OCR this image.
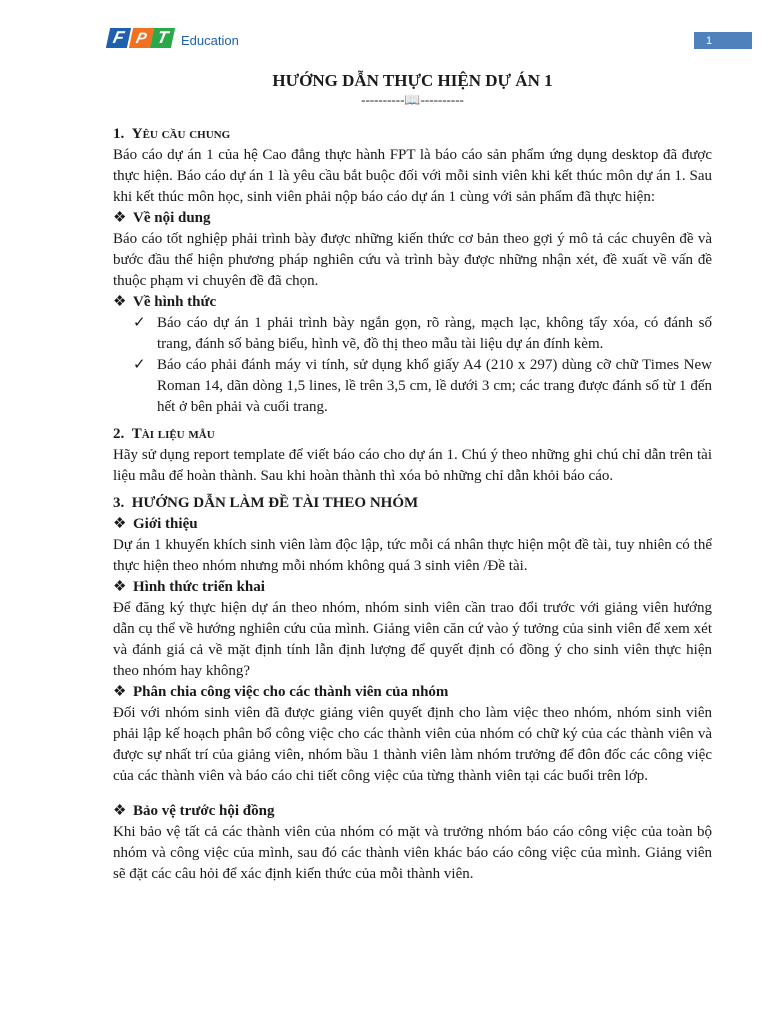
F P T Education	1
HƯỚNG DẪN THỰC HIỆN DỰ ÁN 1
----------📖----------

1. Yêu cầu chung

Báo cáo dự án 1 của hệ Cao đẳng thực hành FPT là báo cáo sản phẩm ứng dụng desktop đã được thực hiện. Báo cáo dự án 1 là yêu cầu bắt buộc đối với mỗi sinh viên khi kết thúc môn dự án 1. Sau khi kết thúc môn học, sinh viên phải nộp báo cáo dự án 1 cùng với sản phẩm đã thực hiện:

❖ Về nội dung

Báo cáo tốt nghiệp phải trình bày được những kiến thức cơ bản theo gợi ý mô tả các chuyên đề và bước đầu thể hiện phương pháp nghiên cứu và trình bày được những nhận xét, đề xuất về vấn đề thuộc phạm vi chuyên đề đã chọn.

❖ Về hình thức

✓ Báo cáo dự án 1 phải trình bày ngắn gọn, rõ ràng, mạch lạc, không tẩy xóa, có đánh số trang, đánh số bảng biểu, hình vẽ, đồ thị theo mẫu tài liệu dự án đính kèm.
✓ Báo cáo phải đánh máy vi tính, sử dụng khổ giấy A4 (210 x 297) dùng cỡ chữ Times New Roman 14, dãn dòng 1,5 lines, lề trên 3,5 cm, lề dưới 3 cm; các trang được đánh số từ 1 đến hết ở bên phải và cuối trang.

2. Tài liệu mẫu

Hãy sử dụng report template để viết báo cáo cho dự án 1. Chú ý theo những ghi chú chỉ dẫn trên tài liệu mẫu để hoàn thành. Sau khi hoàn thành thì xóa bỏ những chỉ dẫn khỏi báo cáo.

3. HƯỚNG DẪN LÀM ĐỀ TÀI THEO NHÓM

❖ Giới thiệu

Dự án 1 khuyến khích sinh viên làm độc lập, tức mỗi cá nhân thực hiện một đề tài, tuy nhiên có thể thực hiện theo nhóm nhưng mỗi nhóm không quá 3 sinh viên /Đề tài.

❖ Hình thức triển khai

Để đăng ký thực hiện dự án theo nhóm, nhóm sinh viên cần trao đổi trước với giảng viên hướng dẫn cụ thể về hướng nghiên cứu của mình. Giảng viên căn cứ vào ý tưởng của sinh viên để xem xét và đánh giá cả về mặt định tính lẫn định lượng để quyết định có đồng ý cho sinh viên thực hiện theo nhóm hay không?

❖ Phân chia công việc cho các thành viên của nhóm

Đối với nhóm sinh viên đã được giảng viên quyết định cho làm việc theo nhóm, nhóm sinh viên phải lập kế hoạch phân bổ công việc cho các thành viên của nhóm có chữ ký của các thành viên và được sự nhất trí của giảng viên, nhóm bầu 1 thành viên làm nhóm trưởng để đôn đốc các công việc của các thành viên và báo cáo chi tiết công việc của từng thành viên tại các buổi trên lớp.

❖ Bảo vệ trước hội đồng

Khi bảo vệ tất cả các thành viên của nhóm có mặt và trưởng nhóm báo cáo công việc của toàn bộ nhóm và công việc của mình, sau đó các thành viên khác báo cáo công việc của mình. Giảng viên sẽ đặt các câu hỏi để xác định kiến thức của mỗi thành viên.
